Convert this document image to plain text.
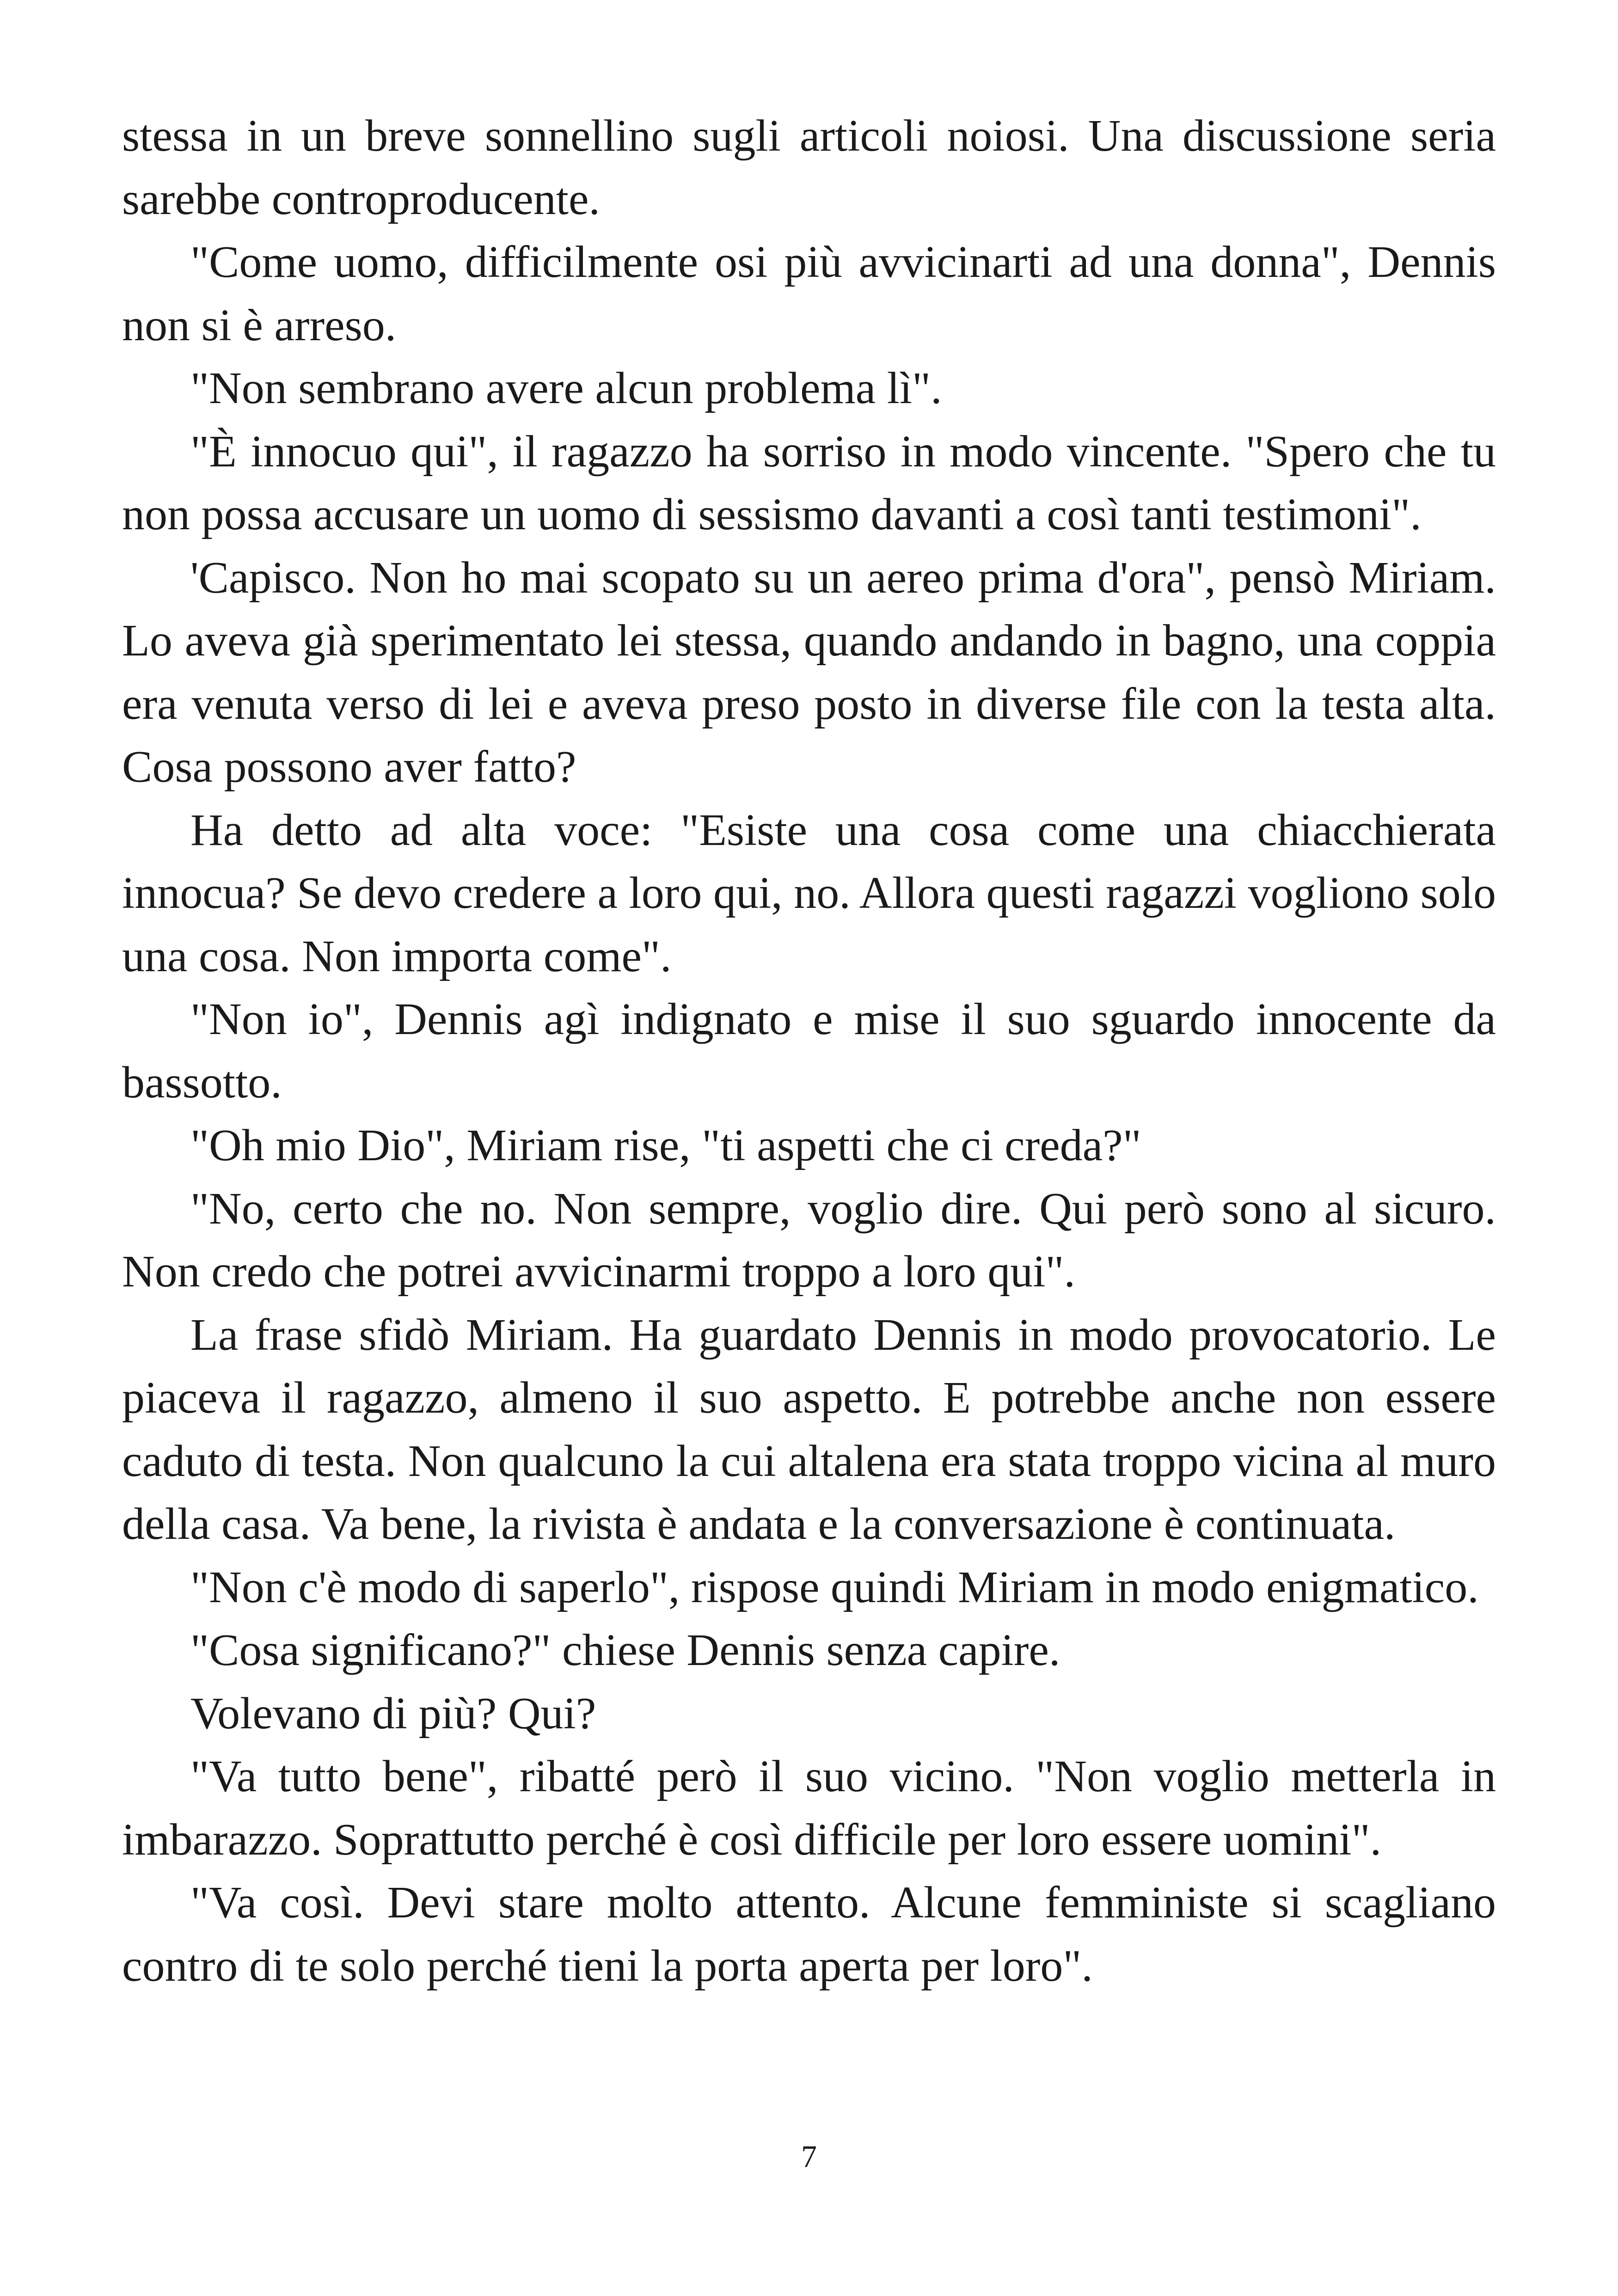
stessa in un breve sonnellino sugli articoli noiosi. Una discussione seria sarebbe controproducente.

"Come uomo, difficilmente osi più avvicinarti ad una donna", Dennis non si è arreso.

"Non sembrano avere alcun problema lì".

"È innocuo qui", il ragazzo ha sorriso in modo vincente. "Spero che tu non possa accusare un uomo di sessismo davanti a così tanti testimoni".

'Capisco. Non ho mai scopato su un aereo prima d'ora", pensò Miriam. Lo aveva già sperimentato lei stessa, quando andando in bagno, una coppia era venuta verso di lei e aveva preso posto in diverse file con la testa alta. Cosa possono aver fatto?

Ha detto ad alta voce: "Esiste una cosa come una chiacchierata innocua? Se devo credere a loro qui, no. Allora questi ragazzi vogliono solo una cosa. Non importa come".

"Non io", Dennis agì indignato e mise il suo sguardo innocente da bassotto.

"Oh mio Dio", Miriam rise, "ti aspetti che ci creda?"

"No, certo che no. Non sempre, voglio dire. Qui però sono al sicuro. Non credo che potrei avvicinarmi troppo a loro qui".

La frase sfidò Miriam. Ha guardato Dennis in modo provocatorio. Le piaceva il ragazzo, almeno il suo aspetto. E potrebbe anche non essere caduto di testa. Non qualcuno la cui altalena era stata troppo vicina al muro della casa. Va bene, la rivista è andata e la conversazione è continuata.

"Non c'è modo di saperlo", rispose quindi Miriam in modo enigmatico.

"Cosa significano?" chiese Dennis senza capire.

Volevano di più? Qui?

"Va tutto bene", ribatté però il suo vicino. "Non voglio metterla in imbarazzo. Soprattutto perché è così difficile per loro essere uomini".

"Va così. Devi stare molto attento. Alcune femministe si scagliano contro di te solo perché tieni la porta aperta per loro".

7
